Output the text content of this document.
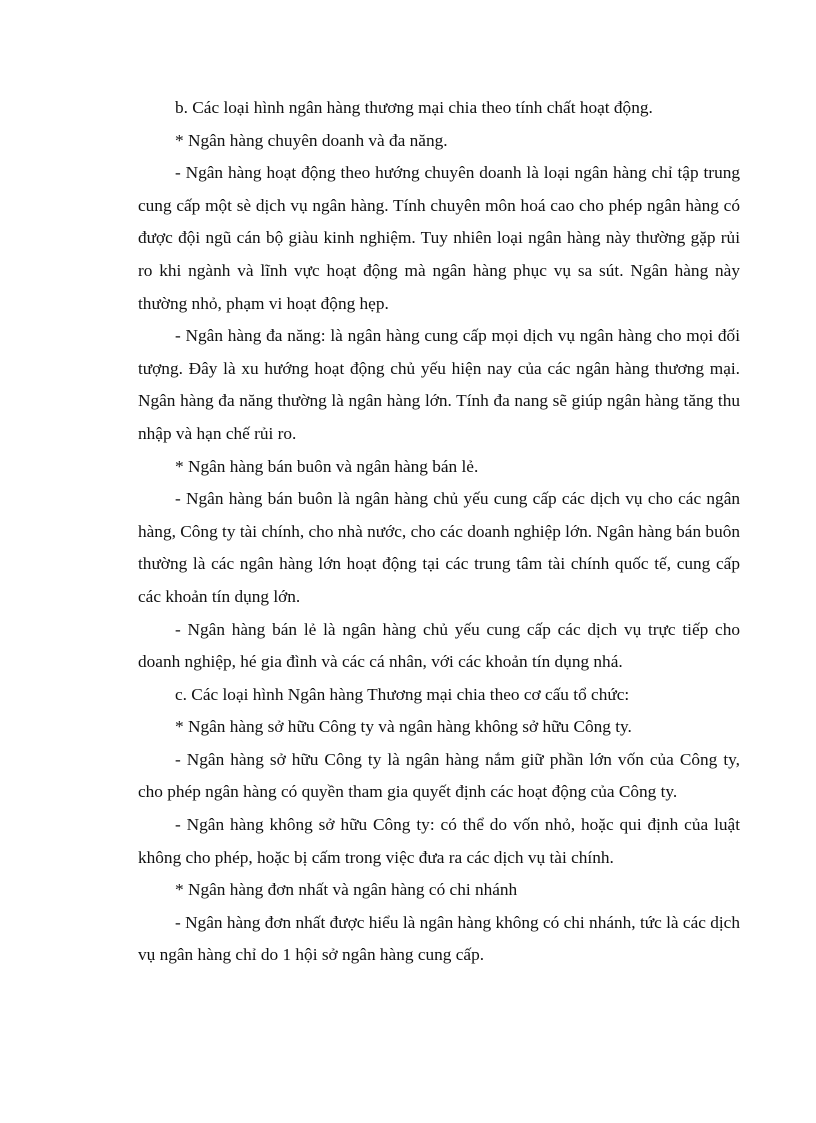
b. Các loại hình ngân hàng thương mại chia theo tính chất hoạt động.

* Ngân hàng chuyên doanh và đa năng.

- Ngân hàng hoạt động theo hướng chuyên doanh là loại ngân hàng chỉ tập trung cung cấp một sè dịch vụ ngân hàng. Tính chuyên môn hoá cao cho phép ngân hàng có được đội ngũ cán bộ giàu kinh nghiệm. Tuy nhiên loại ngân hàng này thường gặp rủi ro khi ngành và lĩnh vực hoạt động mà ngân hàng phục vụ sa sút. Ngân hàng này thường nhỏ, phạm vi hoạt động hẹp.

- Ngân hàng đa năng: là ngân hàng cung cấp mọi dịch vụ ngân hàng cho mọi đối tượng. Đây là xu hướng hoạt động chủ yếu hiện nay của các ngân hàng thương mại. Ngân hàng đa năng thường là ngân hàng lớn. Tính đa nang sẽ giúp ngân hàng tăng thu nhập và hạn chế rủi ro.

* Ngân hàng bán buôn và ngân hàng bán lẻ.

- Ngân hàng bán buôn là ngân hàng chủ yếu cung cấp các dịch vụ cho các ngân hàng, Công ty tài chính, cho nhà nước, cho các doanh nghiệp lớn. Ngân hàng bán buôn thường là các ngân hàng lớn hoạt động tại các trung tâm tài chính quốc tế, cung cấp các khoản tín dụng lớn.

- Ngân hàng bán lẻ là ngân hàng chủ yếu cung cấp các dịch vụ trực tiếp cho doanh nghiệp, hé gia đình và các cá nhân, với các khoản tín dụng nhá.

c. Các loại hình Ngân hàng Thương mại chia theo cơ cấu tổ chức:

* Ngân hàng sở hữu Công ty và ngân hàng không sở hữu Công ty.

- Ngân hàng sở hữu Công ty là ngân hàng nắm giữ phần lớn vốn của Công ty, cho phép ngân hàng có quyền tham gia quyết định các hoạt động của Công ty.

- Ngân hàng không sở hữu Công ty: có thể do vốn nhỏ, hoặc qui định của luật không cho phép, hoặc bị cấm trong việc đưa ra các dịch vụ tài chính.

* Ngân hàng đơn nhất và ngân hàng có chi nhánh

- Ngân hàng đơn nhất được hiểu là ngân hàng không có chi nhánh, tức là các dịch vụ ngân hàng chỉ do 1 hội sở ngân hàng cung cấp.
